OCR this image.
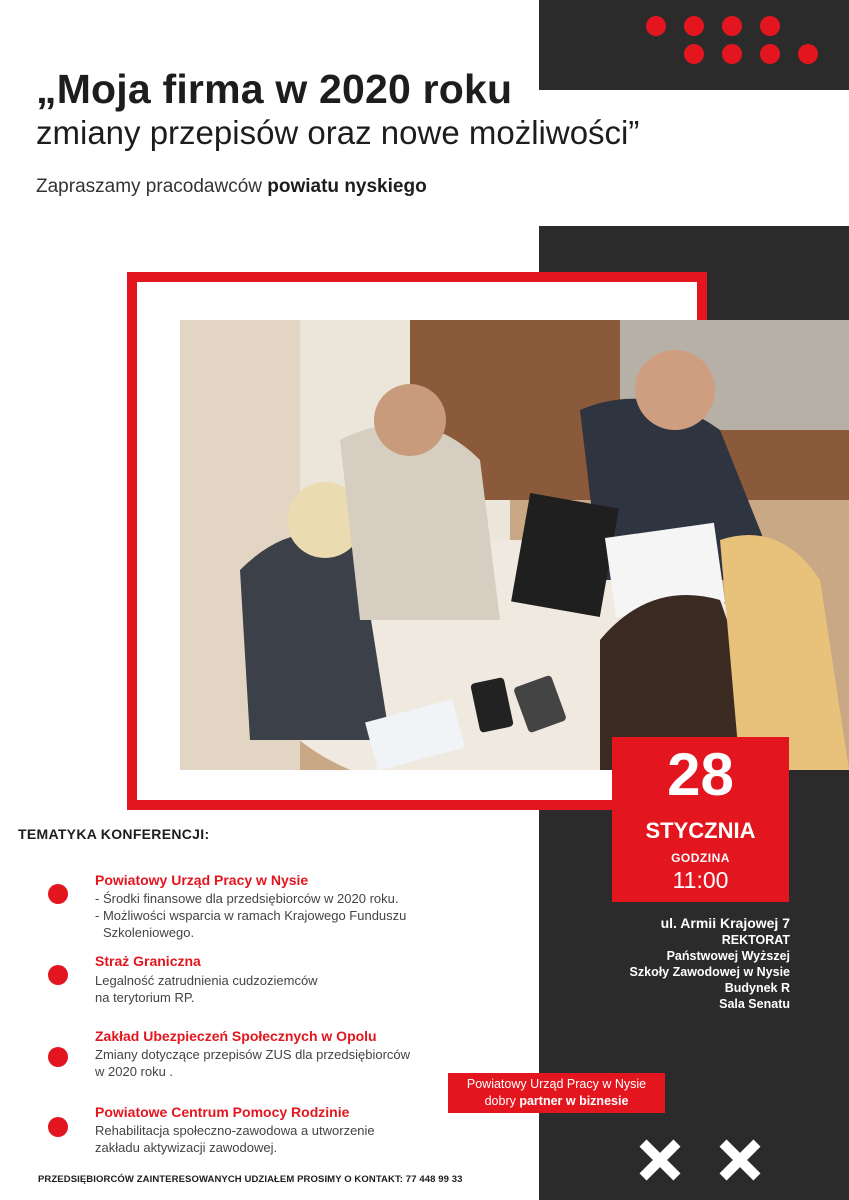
„Moja firma w 2020 roku
zmiany przepisów oraz nowe możliwości”
Zapraszamy pracodawców powiatu nyskiego
28
STYCZNIA
GODZINA
11:00
ul. Armii Krajowej 7
REKTORAT
Państwowej Wyższej
Szkoły Zawodowej w Nysie
Budynek R
Sala Senatu
TEMATYKA KONFERENCJI:
Powiatowy Urząd Pracy w Nysie
- Środki finansowe dla przedsiębiorców w 2020 roku.
- Możliwości wsparcia w ramach Krajowego Funduszu
Szkoleniowego.
Straż Graniczna
Legalność zatrudnienia cudzoziemców
na terytorium RP.
Zakład Ubezpieczeń Społecznych w Opolu
Zmiany dotyczące przepisów ZUS dla przedsiębiorców
w 2020 roku .
Powiatowe Centrum Pomocy Rodzinie
Rehabilitacja społeczno-zawodowa a utworzenie
zakładu aktywizacji zawodowej.
Powiatowy Urząd Pracy w Nysie
dobry partner w biznesie
PRZEDSIĘBIORCÓW ZAINTERESOWANYCH UDZIAŁEM PROSIMY O KONTAKT: 77 448 99 33
